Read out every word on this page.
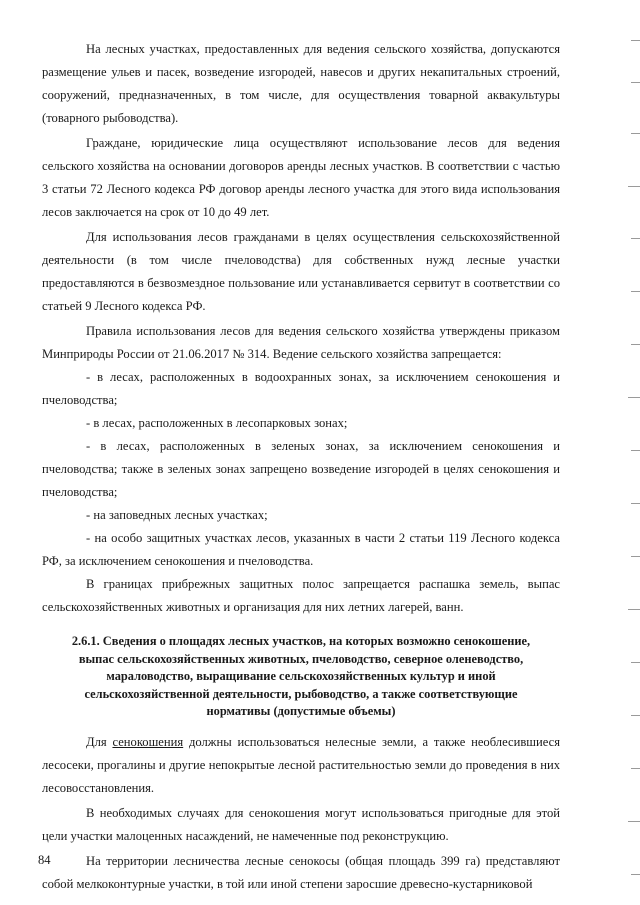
На лесных участках, предоставленных для ведения сельского хозяйства, допускаются размещение ульев и пасек, возведение изгородей, навесов и других некапитальных строений, сооружений, предназначенных, в том числе, для осуществления товарной аквакультуры (товарного рыбоводства).

Граждане, юридические лица осуществляют использование лесов для ведения сельского хозяйства на основании договоров аренды лесных участков. В соответствии с частью 3 статьи 72 Лесного кодекса РФ договор аренды лесного участка для этого вида использования лесов заключается на срок от 10 до 49 лет.

Для использования лесов гражданами в целях осуществления сельскохозяйственной деятельности (в том числе пчеловодства) для собственных нужд лесные участки предоставляются в безвозмездное пользование или устанавливается сервитут в соответствии со статьей 9 Лесного кодекса РФ.

Правила использования лесов для ведения сельского хозяйства утверждены приказом Минприроды России от 21.06.2017 № 314. Ведение сельского хозяйства запрещается:

- в лесах, расположенных в водоохранных зонах, за исключением сенокошения и пчеловодства;

- в лесах, расположенных в лесопарковых зонах;

- в лесах, расположенных в зеленых зонах, за исключением сенокошения и пчеловодства; также в зеленых зонах запрещено возведение изгородей в целях сенокошения и пчеловодства;

- на заповедных лесных участках;

- на особо защитных участках лесов, указанных в части 2 статьи 119 Лесного кодекса РФ, за исключением сенокошения и пчеловодства.

В границах прибрежных защитных полос запрещается распашка земель, выпас сельскохозяйственных животных и организация для них летних лагерей, ванн.

2.6.1. Сведения о площадях лесных участков, на которых возможно сенокошение, выпас сельскохозяйственных животных, пчеловодство, северное оленеводство, мараловодство, выращивание сельскохозяйственных культур и иной сельскохозяйственной деятельности, рыбоводство, а также соответствующие нормативы (допустимые объемы)

Для сенокошения должны использоваться нелесные земли, а также необлесившиеся лесосеки, прогалины и другие непокрытые лесной растительностью земли до проведения в них лесовосстановления.

В необходимых случаях для сенокошения могут использоваться пригодные для этой цели участки малоценных насаждений, не намеченные под реконструкцию.

На территории лесничества лесные сенокосы (общая площадь 399 га) представляют собой мелкоконтурные участки, в той или иной степени заросшие древесно-кустарниковой

84
